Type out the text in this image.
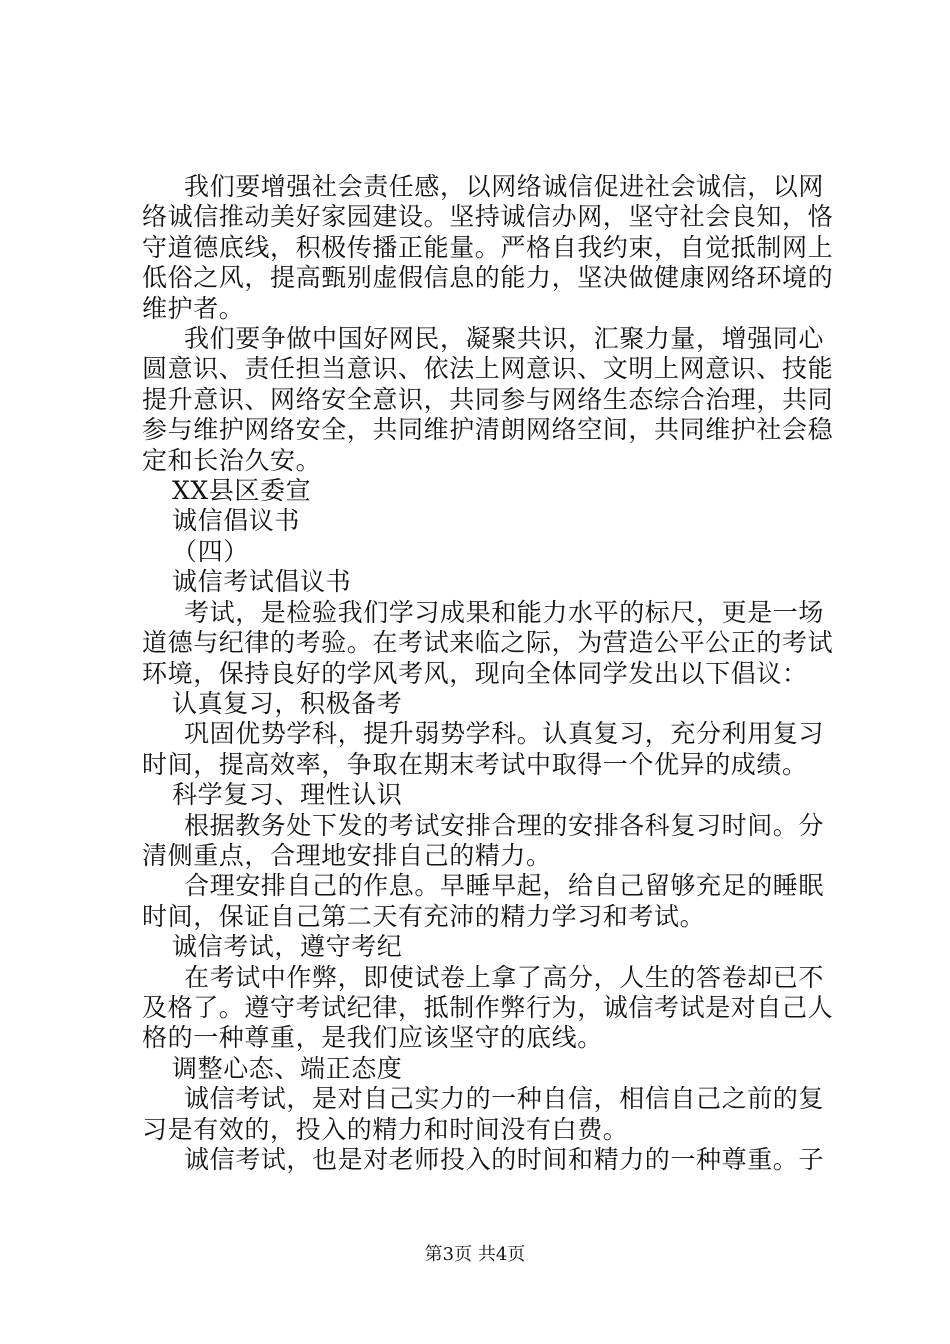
我们要增强社会责任感，以网络诚信促进社会诚信，以网
络诚信推动美好家园建设。坚持诚信办网，坚守社会良知，恪
守道德底线，积极传播正能量。严格自我约束，自觉抵制网上
低俗之风，提高甄别虚假信息的能力，坚决做健康网络环境的
维护者。
我们要争做中国好网民，凝聚共识，汇聚力量，增强同心
圆意识、责任担当意识、依法上网意识、文明上网意识、技能
提升意识、网络安全意识，共同参与网络生态综合治理，共同
参与维护网络安全，共同维护清朗网络空间，共同维护社会稳
定和长治久安。
XX县区委宣
诚信倡议书
（四）
诚信考试倡议书
考试，是检验我们学习成果和能力水平的标尺，更是一场
道德与纪律的考验。在考试来临之际，为营造公平公正的考试
环境，保持良好的学风考风，现向全体同学发出以下倡议：
认真复习，积极备考
巩固优势学科，提升弱势学科。认真复习，充分利用复习
时间，提高效率，争取在期末考试中取得一个优异的成绩。
科学复习、理性认识
根据教务处下发的考试安排合理的安排各科复习时间。分
清侧重点，合理地安排自己的精力。
合理安排自己的作息。早睡早起，给自己留够充足的睡眠
时间，保证自己第二天有充沛的精力学习和考试。
诚信考试，遵守考纪
在考试中作弊，即使试卷上拿了高分，人生的答卷却已不
及格了。遵守考试纪律，抵制作弊行为，诚信考试是对自己人
格的一种尊重，是我们应该坚守的底线。
调整心态、端正态度
诚信考试，是对自己实力的一种自信，相信自己之前的复
习是有效的，投入的精力和时间没有白费。
诚信考试，也是对老师投入的时间和精力的一种尊重。子
第3页 共4页
